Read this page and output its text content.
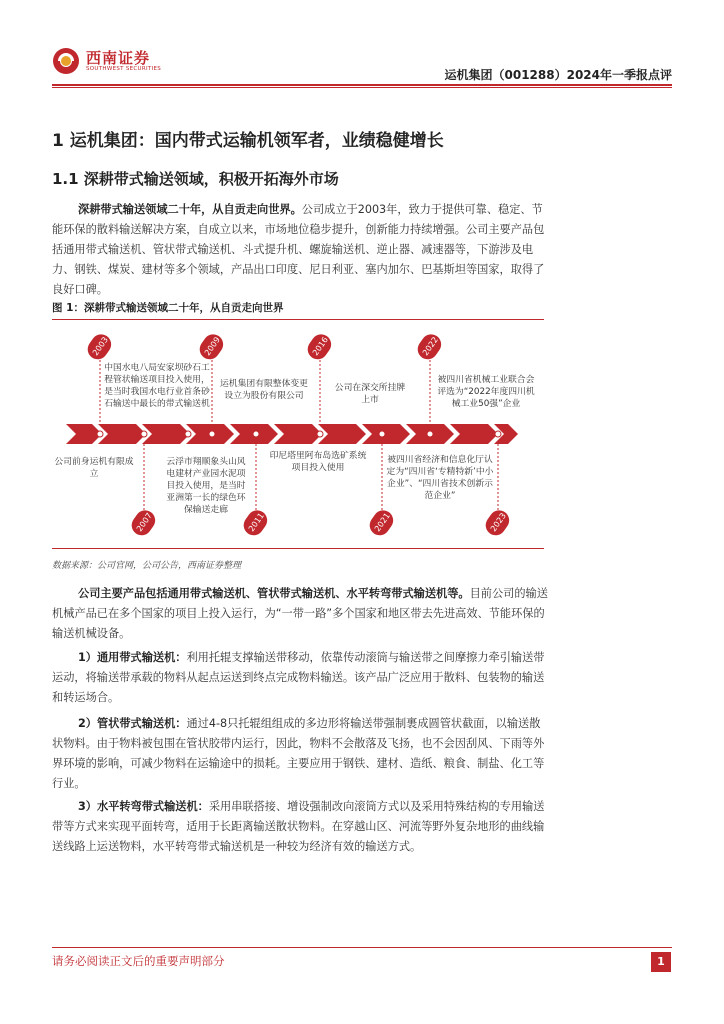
西南证券
SOUTHWEST SECURITIES	运机集团（001288）2024年一季报点评
1 运机集团：国内带式运输机领军者，业绩稳健增长
1.1 深耕带式输送领域，积极开拓海外市场
深耕带式输送领域二十年，从自贡走向世界。公司成立于2003年，致力于提供可靠、稳定、节能环保的散料输送解决方案，自成立以来，市场地位稳步提升，创新能力持续增强。公司主要产品包括通用带式输送机、管状带式输送机、斗式提升机、螺旋输送机、逆止器、减速器等，下游涉及电力、钢铁、煤炭、建材等多个领域，产品出口印度、尼日利亚、塞内加尔、巴基斯坦等国家，取得了良好口碑。
图 1：深耕带式输送领域二十年，从自贡走向世界
2003	2009	2016	2022
2007	2011	2021	2023
中国水电八局安家坝砂石工程管状输送项目投入使用，是当时我国水电行业首条砂石输送中最长的带式输送机
运机集团有限整体变更设立为股份有限公司
公司在深交所挂牌上市
被四川省机械工业联合会评选为“2022年度四川机械工业50强”企业
公司前身运机有限成立
云浮市翔顺象头山风电建材产业园水泥项目投入使用，是当时亚洲第一长的绿色环保输送走廊
印尼塔里阿布岛选矿系统项目投入使用
被四川省经济和信息化厅认定为“四川省‘专精特新’中小企业”、“四川省技术创新示范企业”
数据来源：公司官网，公司公告，西南证券整理
公司主要产品包括通用带式输送机、管状带式输送机、水平转弯带式输送机等。目前公司的输送机械产品已在多个国家的项目上投入运行，为“一带一路”多个国家和地区带去先进高效、节能环保的输送机械设备。
1）通用带式输送机：利用托辊支撑输送带移动，依靠传动滚筒与输送带之间摩擦力牵引输送带运动，将输送带承载的物料从起点运送到终点完成物料输送。该产品广泛应用于散料、包装物的输送和转运场合。
2）管状带式输送机：通过4-8只托辊组组成的多边形将输送带强制裹成圆管状截面，以输送散状物料。由于物料被包围在管状胶带内运行，因此，物料不会散落及飞扬，也不会因刮风、下雨等外界环境的影响，可减少物料在运输途中的损耗。主要应用于钢铁、建材、造纸、粮食、制盐、化工等行业。
3）水平转弯带式输送机：采用串联搭接、增设强制改向滚筒方式以及采用特殊结构的专用输送带等方式来实现平面转弯，适用于长距离输送散状物料。在穿越山区、河流等野外复杂地形的曲线输送线路上运送物料，水平转弯带式输送机是一种较为经济有效的输送方式。
请务必阅读正文后的重要声明部分	1
